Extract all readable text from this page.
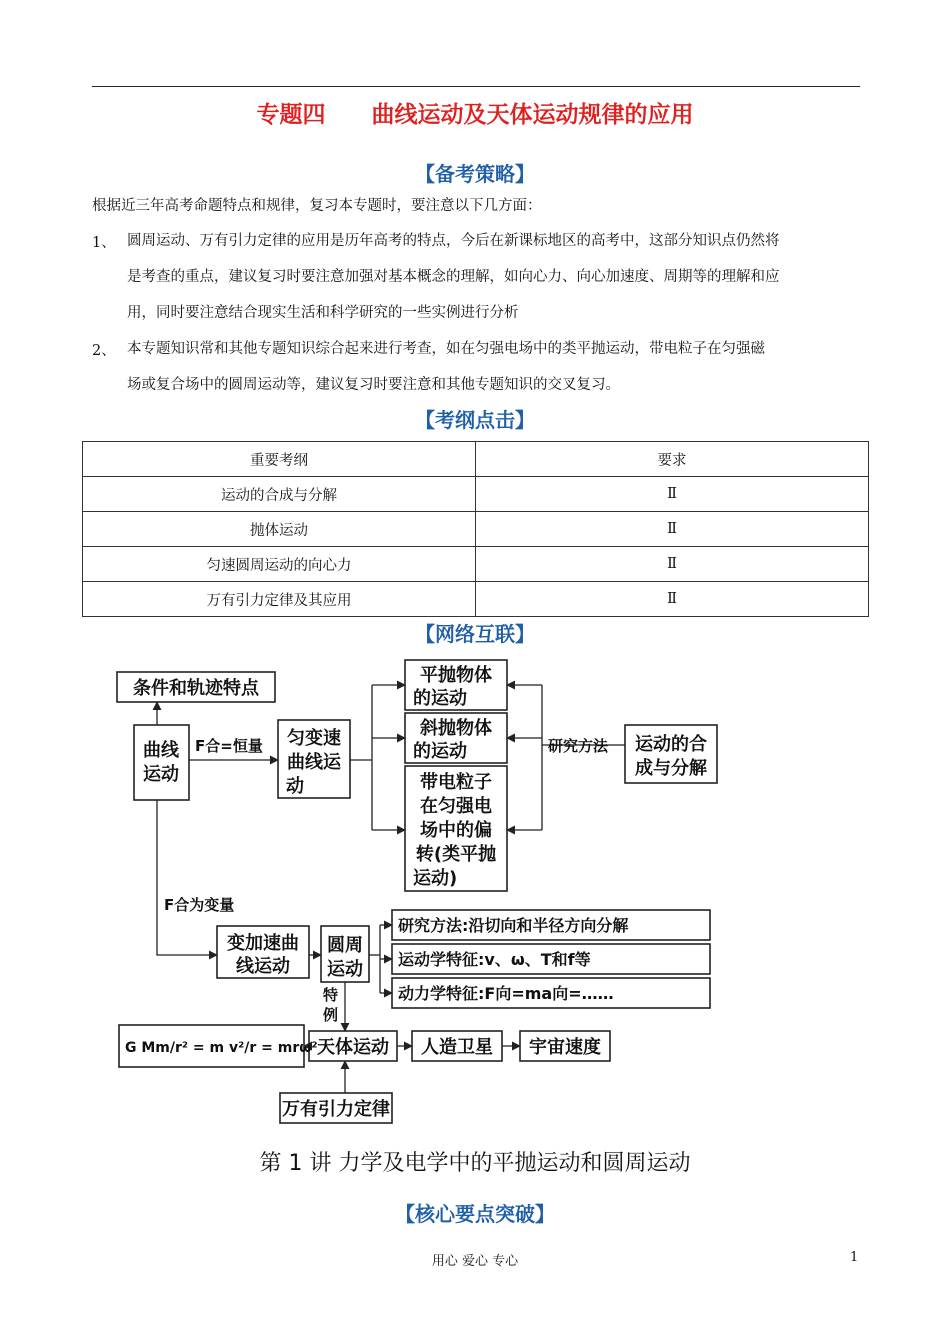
专题四 曲线运动及天体运动规律的应用
【备考策略】
根据近三年高考命题特点和规律，复习本专题时，要注意以下几方面：
1、 圆周运动、万有引力定律的应用是历年高考的特点，今后在新课标地区的高考中，这部分知识点仍然将
是考查的重点，建议复习时要注意加强对基本概念的理解，如向心力、向心加速度、周期等的理解和应
用，同时要注意结合现实生活和科学研究的一些实例进行分析
2、 本专题知识常和其他专题知识综合起来进行考查，如在匀强电场中的类平抛运动，带电粒子在匀强磁
场或复合场中的圆周运动等，建议复习时要注意和其他专题知识的交叉复习。
【考纲点击】
重要考纲	要求
运动的合成与分解	Ⅱ
抛体运动	Ⅱ
匀速圆周运动的向心力	Ⅱ
万有引力定律及其应用	Ⅱ
【网络互联】
条件和轨迹特点
曲线
运动
匀变速
曲线运
动
平抛物体
的运动
斜抛物体
的运动
带电粒子
在匀强电
场中的偏
转(类平抛
运动)
运动的合
成与分解
变加速曲
线运动
圆周
运动
天体运动 人造卫星 宇宙速度
万有引力定律
研究方法:沿切向和半径方向分解
运动学特征:v、ω、T和f等
动力学特征:F向=ma向=……
G Mm/r² = m v²/r = mrω²
F合=恒量	研究方法
F合为变量
特
例
第 1 讲 力学及电学中的平抛运动和圆周运动
【核心要点突破】
用心 爱心 专心	1
